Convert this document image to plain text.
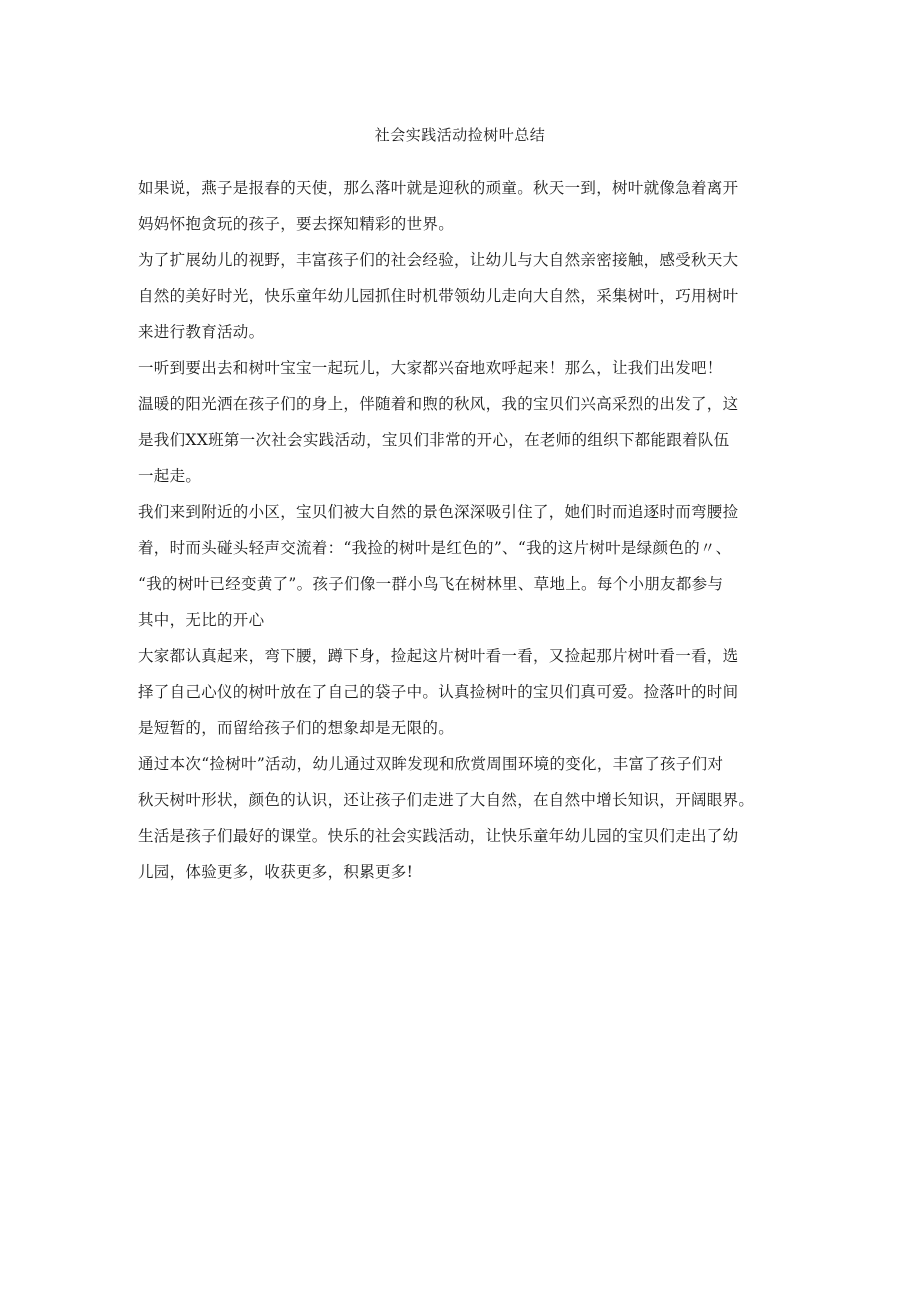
社会实践活动捡树叶总结

如果说，燕子是报春的天使，那么落叶就是迎秋的顽童。秋天一到，树叶就像急着离开
妈妈怀抱贪玩的孩子，要去探知精彩的世界。

为了扩展幼儿的视野，丰富孩子们的社会经验，让幼儿与大自然亲密接触，感受秋天大
自然的美好时光，快乐童年幼儿园抓住时机带领幼儿走向大自然，采集树叶，巧用树叶
来进行教育活动。

一听到要出去和树叶宝宝一起玩儿，大家都兴奋地欢呼起来！那么，让我们出发吧！

温暖的阳光洒在孩子们的身上，伴随着和煦的秋风，我的宝贝们兴高采烈的出发了，这
是我们XX班第一次社会实践活动，宝贝们非常的开心，在老师的组织下都能跟着队伍
一起走。

我们来到附近的小区，宝贝们被大自然的景色深深吸引住了，她们时而追逐时而弯腰捡
着，时而头碰头轻声交流着：“我捡的树叶是红色的”、“我的这片树叶是绿颜色的〃、
“我的树叶已经变黄了”。孩子们像一群小鸟飞在树林里、草地上。每个小朋友都参与
其中，无比的开心

大家都认真起来，弯下腰，蹲下身，捡起这片树叶看一看，又捡起那片树叶看一看，选
择了自己心仪的树叶放在了自己的袋子中。认真捡树叶的宝贝们真可爱。捡落叶的时间
是短暂的，而留给孩子们的想象却是无限的。

通过本次“捡树叶”活动，幼儿通过双眸发现和欣赏周围环境的变化，丰富了孩子们对
秋天树叶形状，颜色的认识，还让孩子们走进了大自然，在自然中增长知识，开阔眼界。

生活是孩子们最好的课堂。快乐的社会实践活动，让快乐童年幼儿园的宝贝们走出了幼
儿园，体验更多，收获更多，积累更多!
